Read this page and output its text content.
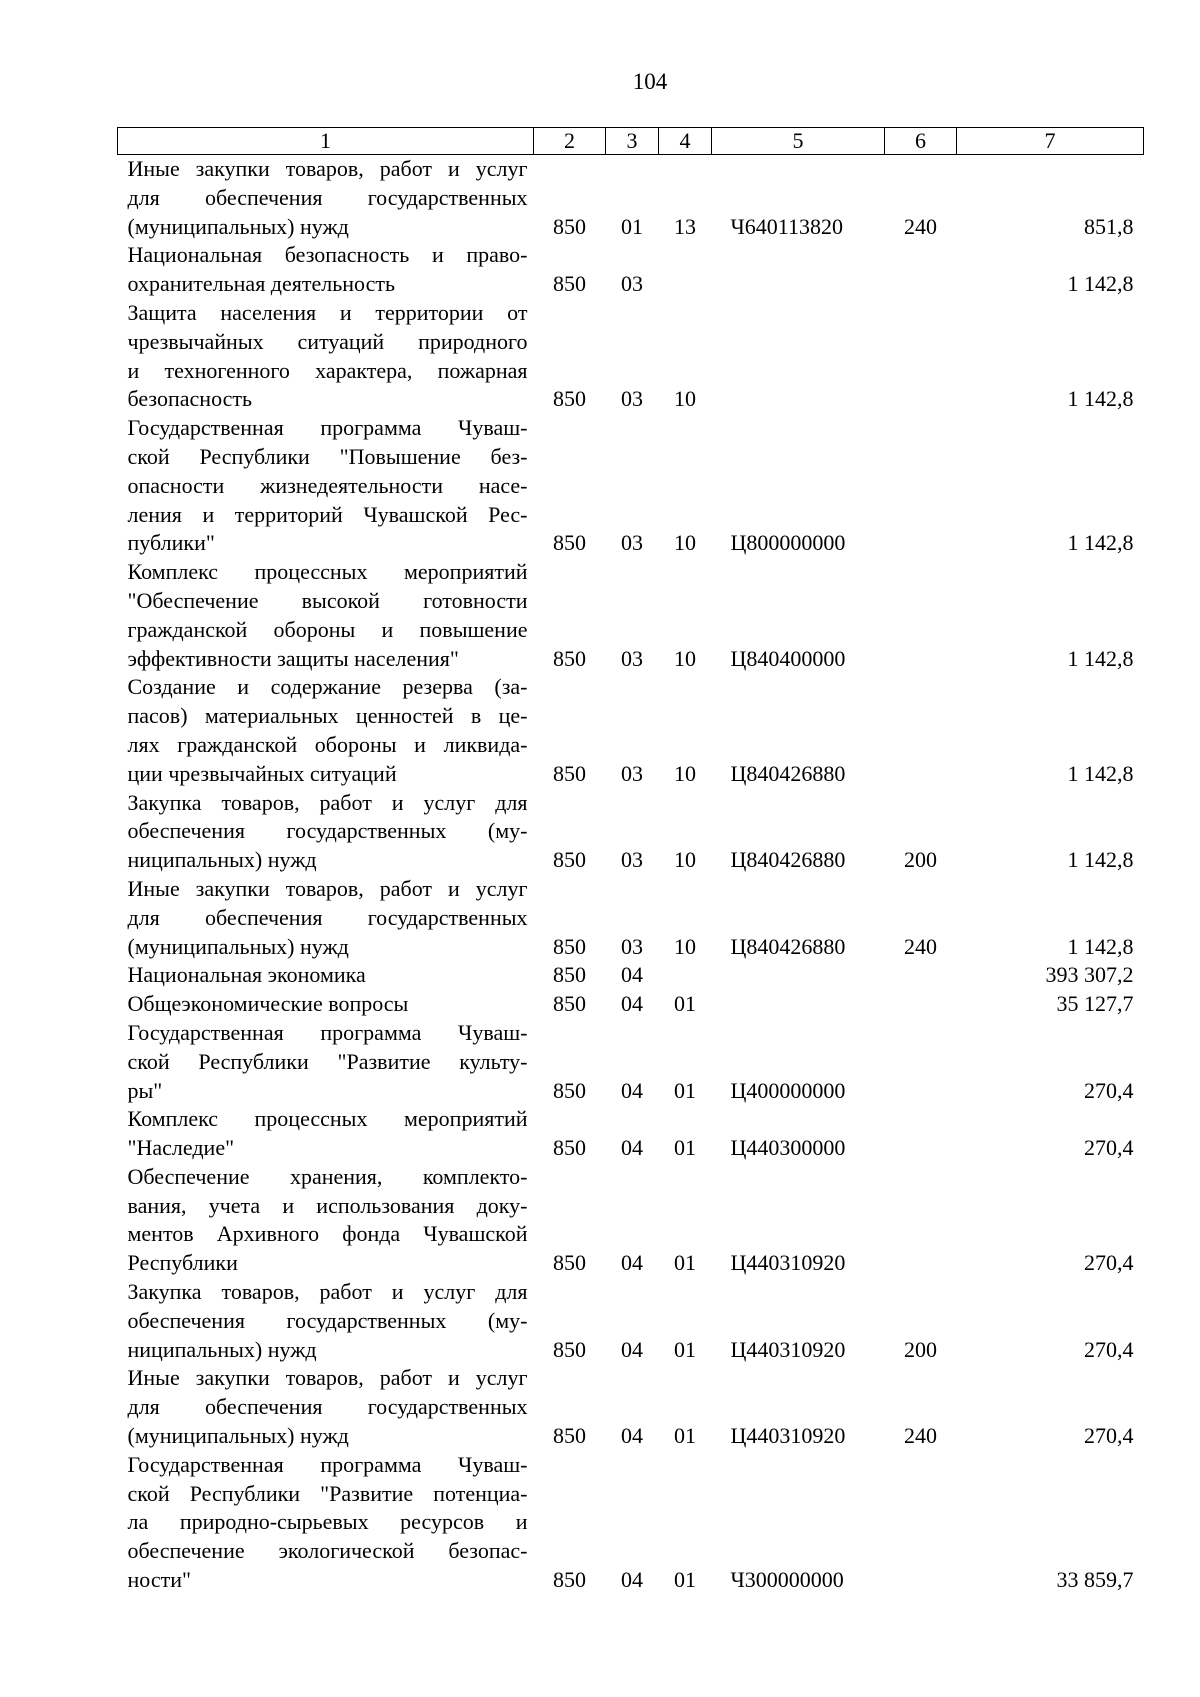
104
1	2	3	4	5	6	7

Иные закупки товаров, работ и услуг
для обеспечения государственных
(муниципальных) нужд	850	01	13	Ч640113820	240	851,8

Национальная безопасность и право-
охранительная деятельность	850	03				1 142,8

Защита населения и территории от
чрезвычайных ситуаций природного
и техногенного характера, пожарная
безопасность	850	03	10			1 142,8

Государственная программа Чуваш-
ской Республики "Повышение без-
опасности жизнедеятельности насе-
ления и территорий Чувашской Рес-
публики"	850	03	10	Ц800000000		1 142,8

Комплекс процессных мероприятий
"Обеспечение высокой готовности
гражданской обороны и повышение
эффективности защиты населения"	850	03	10	Ц840400000		1 142,8

Создание и содержание резерва (за-
пасов) материальных ценностей в це-
лях гражданской обороны и ликвида-
ции чрезвычайных ситуаций	850	03	10	Ц840426880		1 142,8

Закупка товаров, работ и услуг для
обеспечения государственных (му-
ниципальных) нужд	850	03	10	Ц840426880	200	1 142,8

Иные закупки товаров, работ и услуг
для обеспечения государственных
(муниципальных) нужд	850	03	10	Ц840426880	240	1 142,8

Национальная экономика	850	04				393 307,2

Общеэкономические вопросы	850	04	01			35 127,7

Государственная программа Чуваш-
ской Республики "Развитие культу-
ры"	850	04	01	Ц400000000		270,4

Комплекс процессных мероприятий
"Наследие"	850	04	01	Ц440300000		270,4

Обеспечение хранения, комплекто-
вания, учета и использования доку-
ментов Архивного фонда Чувашской
Республики	850	04	01	Ц440310920		270,4

Закупка товаров, работ и услуг для
обеспечения государственных (му-
ниципальных) нужд	850	04	01	Ц440310920	200	270,4

Иные закупки товаров, работ и услуг
для обеспечения государственных
(муниципальных) нужд	850	04	01	Ц440310920	240	270,4

Государственная программа Чуваш-
ской Республики "Развитие потенциа-
ла природно-сырьевых ресурсов и
обеспечение экологической безопас-
ности"	850	04	01	Ч300000000		33 859,7
